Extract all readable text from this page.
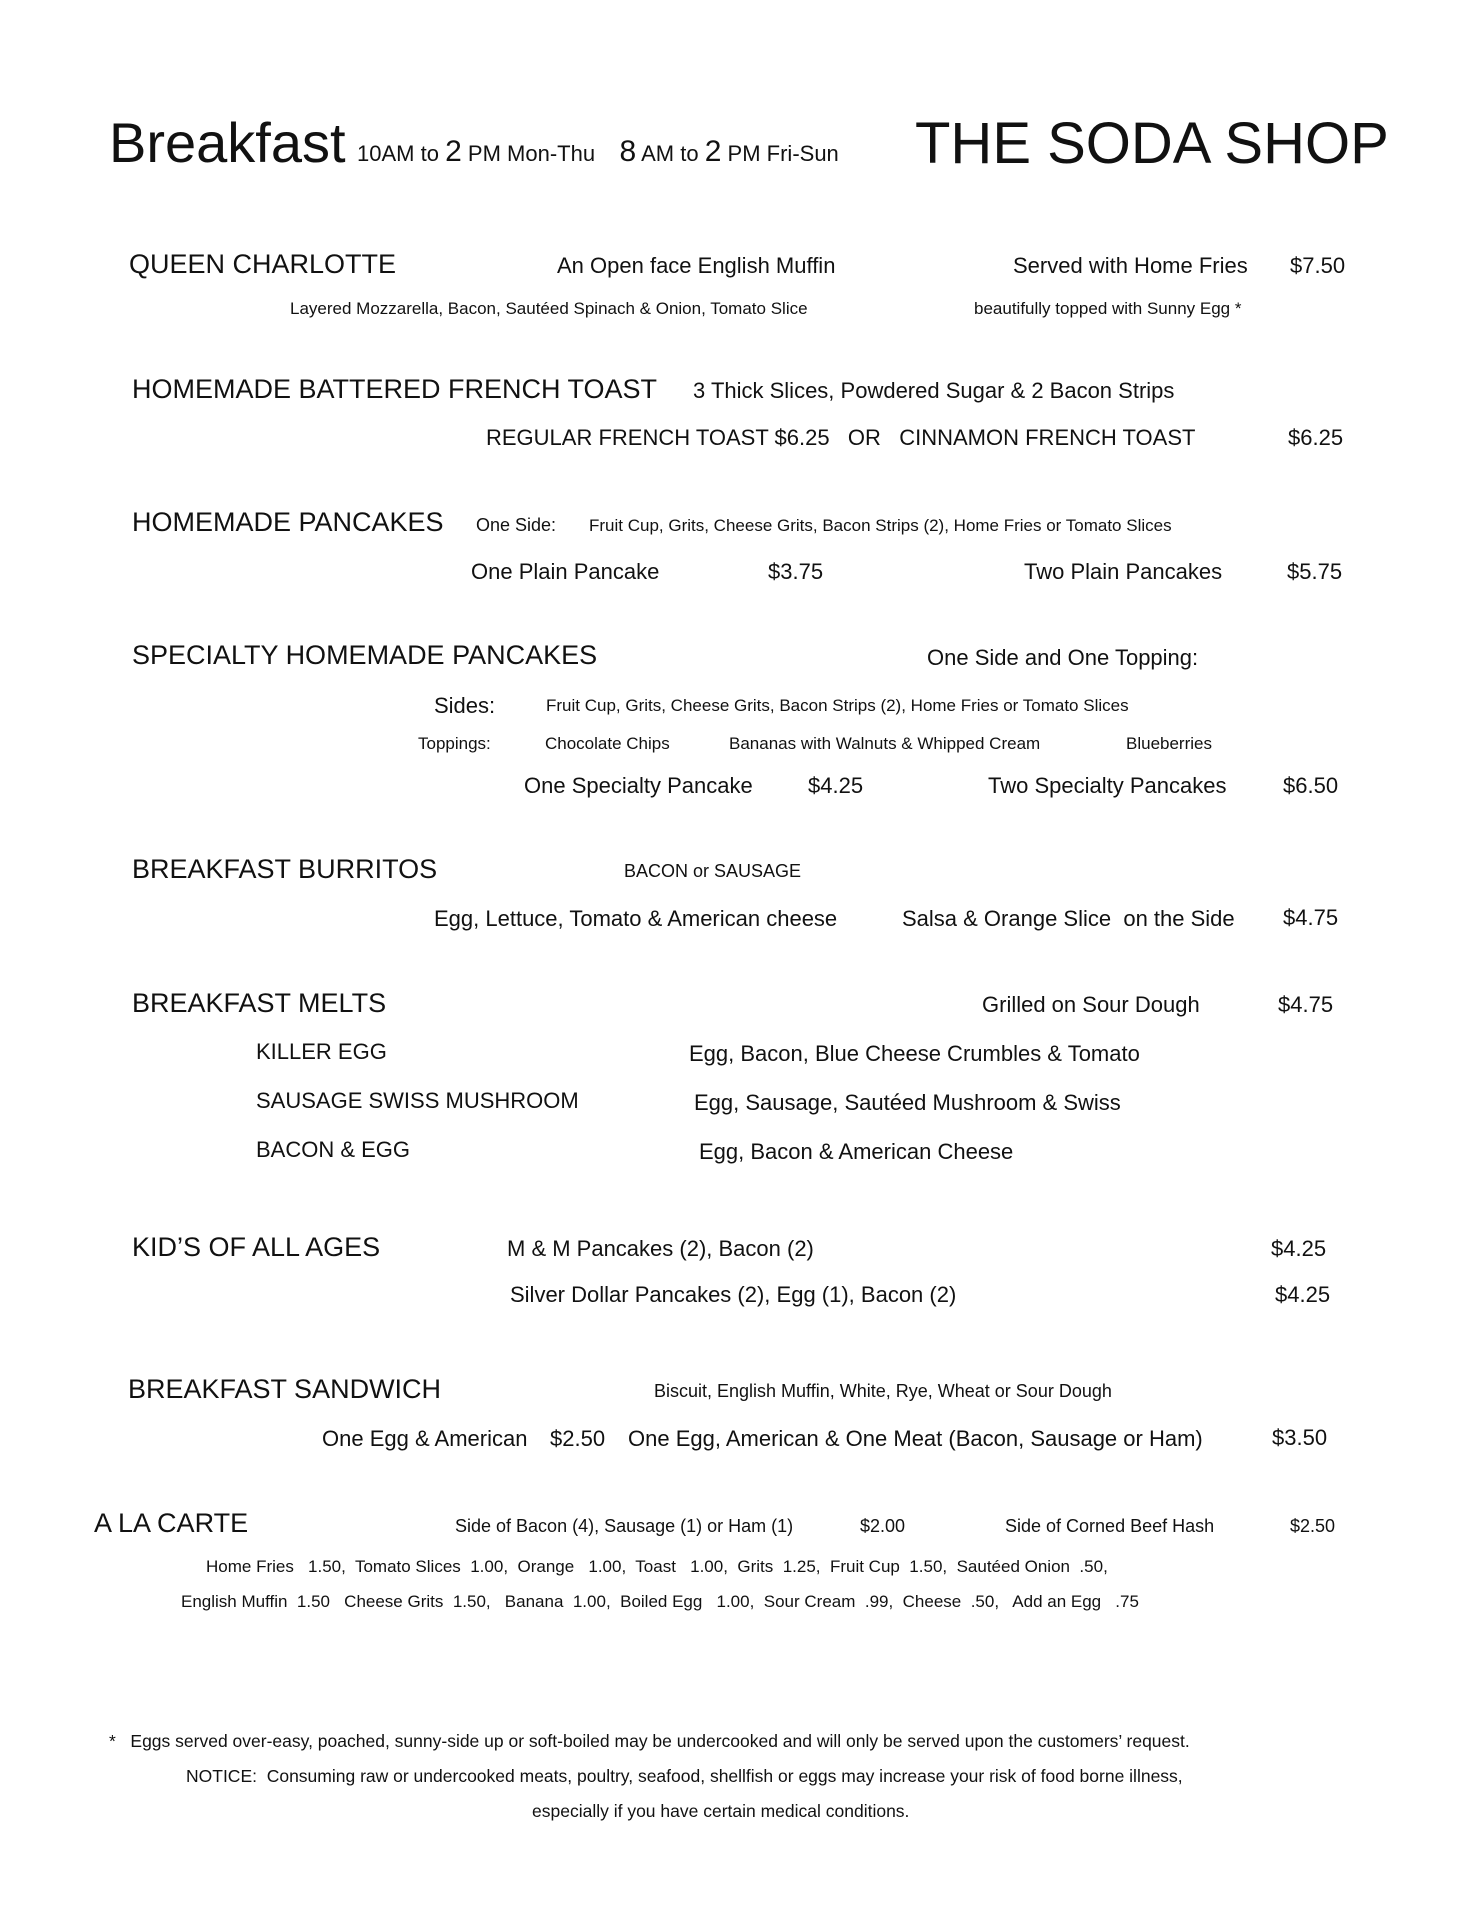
Breakfast 10AM to 2 PM Mon-Thu 8 AM to 2 PM Fri-Sun THE SODA SHOP
QUEEN CHARLOTTE	An Open face English Muffin	Served with Home Fries $7.50
Layered Mozzarella, Bacon, Sautéed Spinach & Onion, Tomato Slice	beautifully topped with Sunny Egg *
HOMEMADE BATTERED FRENCH TOAST 3 Thick Slices, Powdered Sugar & 2 Bacon Strips
REGULAR FRENCH TOAST $6.25   OR   CINNAMON FRENCH TOAST	$6.25
HOMEMADE PANCAKES One Side: Fruit Cup, Grits, Cheese Grits, Bacon Strips (2), Home Fries or Tomato Slices
One Plain Pancake	$3.75	Two Plain Pancakes	$5.75
SPECIALTY HOMEMADE PANCAKES	One Side and One Topping:
Sides:	Fruit Cup, Grits, Cheese Grits, Bacon Strips (2), Home Fries or Tomato Slices
Toppings:	Chocolate Chips	Bananas with Walnuts & Whipped Cream	Blueberries
One Specialty Pancake	$4.25	Two Specialty Pancakes	$6.50
BREAKFAST BURRITOS	BACON or SAUSAGE
Egg, Lettuce, Tomato & American cheese	Salsa & Orange Slice  on the Side $4.75
BREAKFAST MELTS	Grilled on Sour Dough	$4.75
KILLER EGG	Egg, Bacon, Blue Cheese Crumbles & Tomato
SAUSAGE SWISS MUSHROOM	Egg, Sausage, Sautéed Mushroom & Swiss
BACON & EGG	Egg, Bacon & American Cheese
KID’S OF ALL AGES	M & M Pancakes (2), Bacon (2)	$4.25
Silver Dollar Pancakes (2), Egg (1), Bacon (2)	$4.25
BREAKFAST SANDWICH	Biscuit, English Muffin, White, Rye, Wheat or Sour Dough
One Egg & American $2.50 One Egg, American & One Meat (Bacon, Sausage or Ham)	$3.50
A LA CARTE	Side of Bacon (4), Sausage (1) or Ham (1)	$2.00	Side of Corned Beef Hash	$2.50
Home Fries   1.50,  Tomato Slices  1.00,  Orange   1.00,  Toast   1.00,  Grits  1.25,  Fruit Cup  1.50,  Sautéed Onion  .50,
English Muffin  1.50   Cheese Grits  1.50,   Banana  1.00,  Boiled Egg   1.00,  Sour Cream  .99,  Cheese  .50,   Add an Egg   .75
*   Eggs served over-easy, poached, sunny-side up or soft-boiled may be undercooked and will only be served upon the customers’ request.
NOTICE:  Consuming raw or undercooked meats, poultry, seafood, shellfish or eggs may increase your risk of food borne illness,
especially if you have certain medical conditions.
